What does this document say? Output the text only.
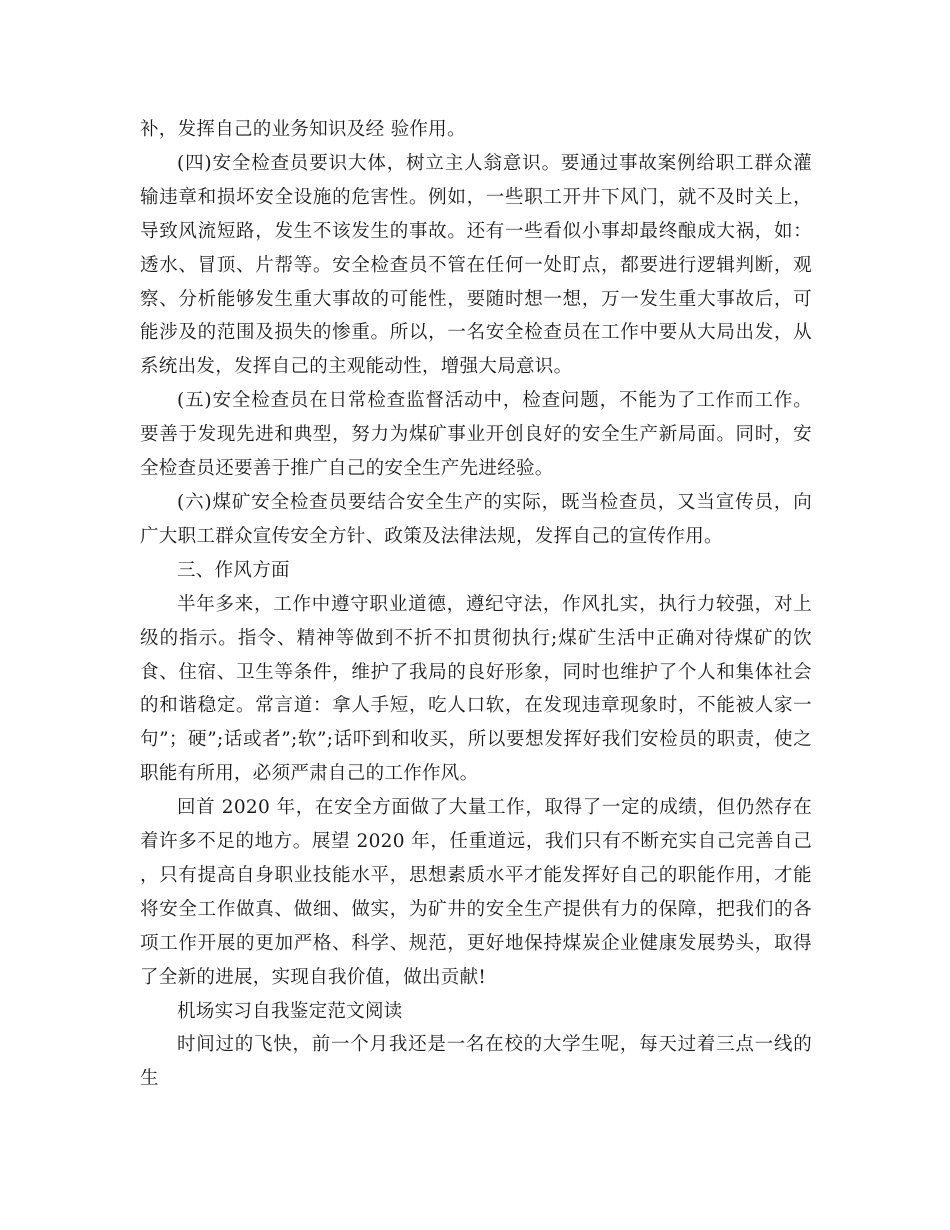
补，发挥自己的业务知识及经 验作用。

(四)安全检查员要识大体，树立主人翁意识。要通过事故案例给职工群众灌输违章和损坏安全设施的危害性。例如，一些职工开井下风门，就不及时关上，导致风流短路，发生不该发生的事故。还有一些看似小事却最终酿成大祸，如：透水、冒顶、片帮等。安全检查员不管在任何一处盯点，都要进行逻辑判断，观察、分析能够发生重大事故的可能性，要随时想一想，万一发生重大事故后，可能涉及的范围及损失的惨重。所以，一名安全检查员在工作中要从大局出发，从系统出发，发挥自己的主观能动性，增强大局意识。

(五)安全检查员在日常检查监督活动中，检查问题，不能为了工作而工作。要善于发现先进和典型，努力为煤矿事业开创良好的安全生产新局面。同时，安全检查员还要善于推广自己的安全生产先进经验。

(六)煤矿安全检查员要结合安全生产的实际，既当检查员，又当宣传员，向广大职工群众宣传安全方针、政策及法律法规，发挥自己的宣传作用。

三、作风方面

半年多来，工作中遵守职业道德，遵纪守法，作风扎实，执行力较强，对上级的指示。指令、精神等做到不折不扣贯彻执行;煤矿生活中正确对待煤矿的饮食、住宿、卫生等条件，维护了我局的良好形象，同时也维护了个人和集体社会的和谐稳定。常言道：拿人手短，吃人口软，在发现违章现象时，不能被人家一句”；硬”;话或者”;软”;话吓到和收买，所以要想发挥好我们安检员的职责，使之职能有所用，必须严肃自己的工作作风。

回首 2020 年，在安全方面做了大量工作，取得了一定的成绩，但仍然存在着许多不足的地方。展望 2020 年，任重道远，我们只有不断充实自己完善自己 ，只有提高自身职业技能水平，思想素质水平才能发挥好自己的职能作用，才能将安全工作做真、做细、做实，为矿井的安全生产提供有力的保障，把我们的各项工作开展的更加严格、科学、规范，更好地保持煤炭企业健康发展势头，取得了全新的进展，实现自我价值，做出贡献!

机场实习自我鉴定范文阅读

时间过的飞快，前一个月我还是一名在校的大学生呢，每天过着三点一线的生
